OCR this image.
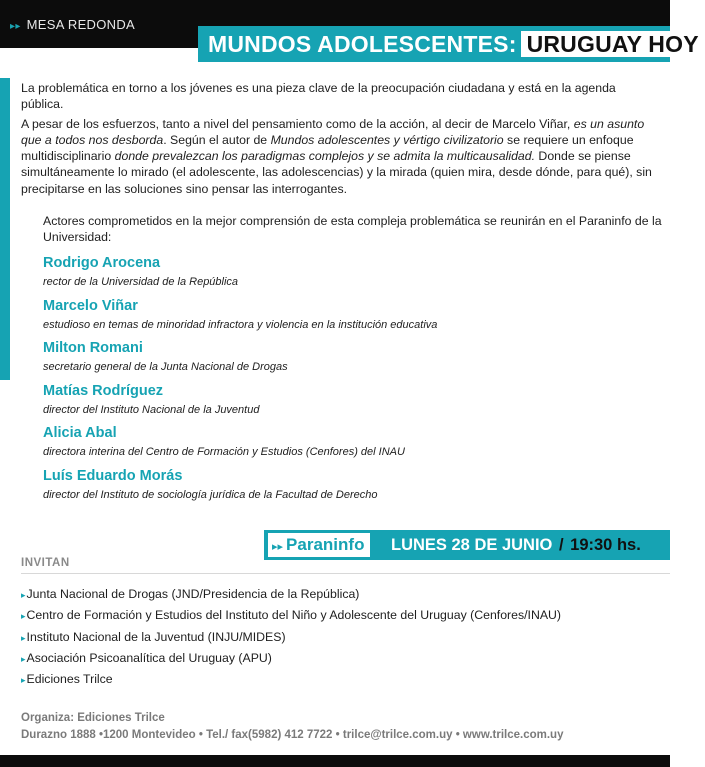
▸▸ MESA REDONDA
MUNDOS ADOLESCENTES: URUGUAY HOY

La problemática en torno a los jóvenes es una pieza clave de la preocupación ciudadana y está en la agenda pública.

A pesar de los esfuerzos, tanto a nivel del pensamiento como de la acción, al decir de Marcelo Viñar, es un asunto que a todos nos desborda. Según el autor de Mundos adolescentes y vértigo civilizatorio se requiere un enfoque multidisciplinario donde prevalezcan los paradigmas complejos y se admita la multicausalidad. Donde se piense simultáneamente lo mirado (el adolescente, las adolescencias) y la mirada (quien mira, desde dónde, para qué), sin precipitarse en las soluciones sino pensar las interrogantes.

Actores comprometidos en la mejor comprensión de esta compleja problemática se reunirán en el Paraninfo de la Universidad:
Rodrigo Arocena
rector de la Universidad de la República
Marcelo Viñar
estudioso en temas de minoridad infractora y violencia en la institución educativa
Milton Romani
secretario general de la Junta Nacional de Drogas
Matías Rodríguez
director del Instituto Nacional de la Juventud
Alicia Abal
directora interina del Centro de Formación y Estudios (Cenfores) del INAU
Luís Eduardo Morás
director del Instituto de sociología jurídica de la Facultad de Derecho
▸▸ Paraninfo	LUNES 28 DE JUNIO / 19:30 hs.
INVITAN
▸Junta Nacional de Drogas (JND/Presidencia de la República)
▸Centro de Formación y Estudios del Instituto del Niño y Adolescente del Uruguay (Cenfores/INAU)
▸Instituto Nacional de la Juventud (INJU/MIDES)
▸Asociación Psicoanalítica del Uruguay (APU)
▸Ediciones Trilce
Organiza: Ediciones Trilce
Durazno 1888 •1200 Montevideo • Tel./ fax(5982) 412 7722 • trilce@trilce.com.uy • www.trilce.com.uy
